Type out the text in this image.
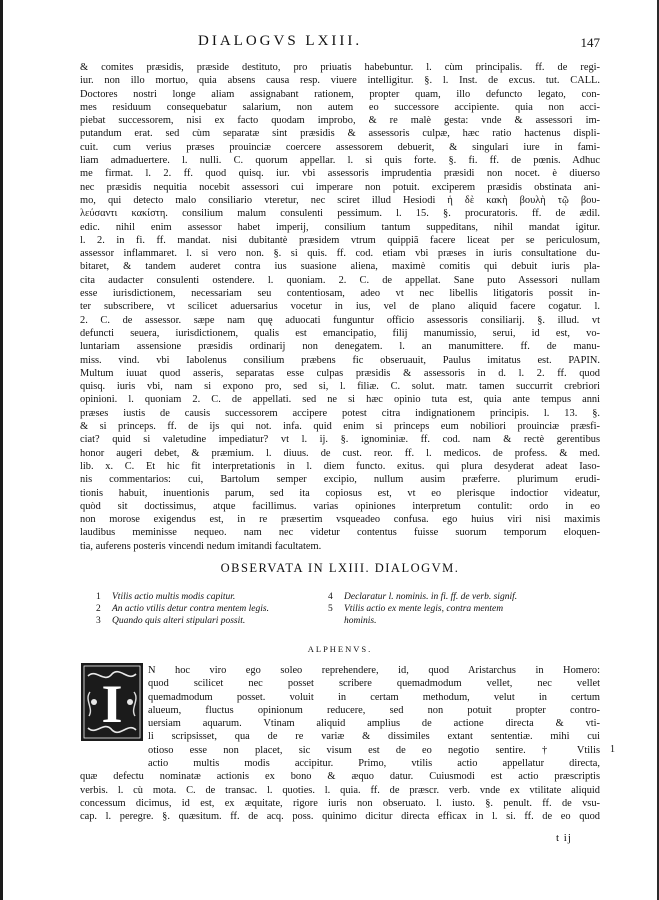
DIALOGVS LXIII.	147
& comites præsidis, præside destituto, pro priuatis habebuntur. l. cùm principalis. ff. de regi-
iur. non illo mortuo, quia absens causa resp. viuere intelligitur. §. l. Inst. de excus. tut. CALL.
Doctores nostri longe aliam assignabant rationem, propter quam, illo defuncto legato, con-
mes residuum consequebatur salarium, non autem eo successore accipiente. quia non acci-
piebat successorem, nisi ex facto quodam improbo, & re malè gesta: vnde & assessori im-
putandum erat. sed cùm separatæ sint præsidis & assessoris culpæ, hæc ratio hactenus displi-
cuit. cum verius præses prouinciæ coercere assessorem debuerit, & singulari iure in fami-
liam admaduertere. l. nulli. C. quorum appellar. l. si quis forte. §. fi. ff. de pœnis. Adhuc
me firmat. l. 2. ff. quod quisq. iur. vbi assessoris imprudentia præsidi non nocet. è diuerso
nec præsidis nequitia nocebit assessori cui imperare non potuit. exciperem præsidis obstinata ani-
mo, qui detecto malo consiliario vteretur, nec sciret illud Hesiodi ἡ δὲ κακὴ βουλὴ τῷ βου-
λεύσαντι κακίστη. consilium malum consulenti pessimum. l. 15. §. procuratoris. ff. de ædil.
edic. nihil enim assessor habet imperij, consilium tantum suppeditans, nihil mandat igitur.
l. 2. in fi. ff. mandat. nisi dubitantè præsidem vtrum quippiã facere liceat per se periculosum,
assessor inflammaret. l. si vero non. §. si quis. ff. cod. etiam vbi præses in iuris consultatione du-
bitaret, & tandem auderet contra ius suasione aliena, maximè comitis qui debuit iuris pla-
cita audacter consulenti ostendere. l. quoniam. 2. C. de appellat. Sane puto Assessori nullam
esse iurisdictionem, necessariam seu contentiosam, adeo vt nec libellis litigatoris possit in-
ter subscribere, vt scilicet aduersarius vocetur in ius, vel de plano aliquid facere cogatur. l.
2. C. de assessor. sæpe nam quę aduocati funguntur officio assessoris consiliarij. §. illud. vt
defuncti seuera, iurisdictionem, qualis est emancipatio, filij manumissio, serui, id est, vo-
luntariam assensione præsidis ordinarij non denegatem. l. an manumittere. ff. de manu-
miss. vind. vbi Iabolenus consilium præbens fic obseruauit, Paulus imitatus est. PAPIN.
Multum iuuat quod asseris, separatas esse culpas præsidis & assessoris in d. l. 2. ff. quod
quisq. iuris vbi, nam si expono pro, sed si, l. filiæ. C. solut. matr. tamen succurrit crebriori
opinioni. l. quoniam 2. C. de appellati. sed ne si hæc opinio tuta est, quia ante tempus anni
præses iustis de causis successorem accipere potest citra indignationem principis. l. 13. §.
& si princeps. ff. de ijs qui not. infa. quid enim si princeps eum nobiliori prouinciæ præsfi-
ciat? quid si valetudine impediatur? vt l. ij. §. ignominiæ. ff. cod. nam & rectè gerentibus
honor augeri debet, & præmium. l. diuus. de cust. reor. ff. l. medicos. de profess. & med.
lib. x. C. Et hic fit interpretationis in l. diem functo. exitus. qui plura desyderat adeat Iaso-
nis commentarios: cui, Bartolum semper excipio, nullum ausim præferre. plurimum erudi-
tionis habuit, inuentionis parum, sed ita copiosus est, vt eo plerisque indoctior videatur,
quòd sit doctissimus, atque facillimus. varias opiniones interpretum contulit: ordo in eo
non morose exigendus est, in re præsertim vsqueadeo confusa. ego huius viri nisi maximis
laudibus meminisse nequeo. nam nec videtur contentus fuisse suorum temporum eloquen-
tia, auferens posteris vincendi nedum imitandi facultatem.
OBSERVATA IN LXIII. DIALOGVM.
1 Vtilis actio multis modis capitur.
2 An actio vtilis detur contra mentem legis.
3 Quando quis alteri stipulari possit.
4 Declaratur l. nominis. in fi. ff. de verb. signif.
5 Vtilis actio ex mente legis, contra mentem
hominis.
ALPHENVS.
I
N hoc viro ego soleo reprehendere, id, quod Aristarchus in Homero:
quod scilicet nec posset scribere quemadmodum vellet, nec vellet
quemadmodum posset. voluit in certam methodum, velut in certum
alueum, fluctus opinionum reducere, sed non potuit propter contro-
uersiam aquarum. Vtinam aliquid amplius de actione directa & vti-
li scripsisset, qua de re variæ & dissimiles extant sententiæ. mihi cui
otioso esse non placet, sic visum est de eo negotio sentire. † Vtilis
actio multis modis accipitur. Primo, vtilis actio appellatur directa,
quæ defectu nominatæ actionis ex bono & æquo datur. Cuiusmodi est actio præscriptis
verbis. l. cù mota. C. de transac. l. quoties. l. quia. ff. de præscr. verb. vnde ex vtilitate aliquid
concessum dicimus, id est, ex æquitate, rigore iuris non obseruato. l. iusto. §. penult. ff. de vsu-
cap. l. peregre. §. quæsitum. ff. de acq. poss. quinimo dicitur directa efficax in l. si. ff. de eo quod
1
t ij
